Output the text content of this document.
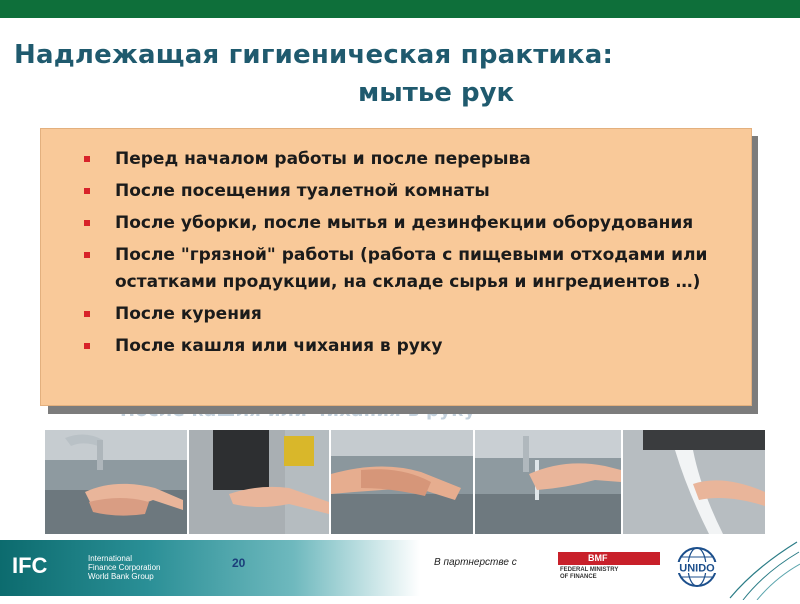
Надлежащая гигиеническая практика:
мытье рук
Перед началом работы и после перерыва
После посещения туалетной комнаты
После уборки, после мытья и дезинфекции оборудования
После "грязной" работы (работа с пищевыми отходами или остатками продукции, на складе сырья и ингредиентов …)
После курения
После кашля или чихания в руку
IFC	International
Finance Corporation
World Bank Group
20	В партнерстве с	BMF
FEDERAL MINISTRY
OF FINANCE
UNIDO
